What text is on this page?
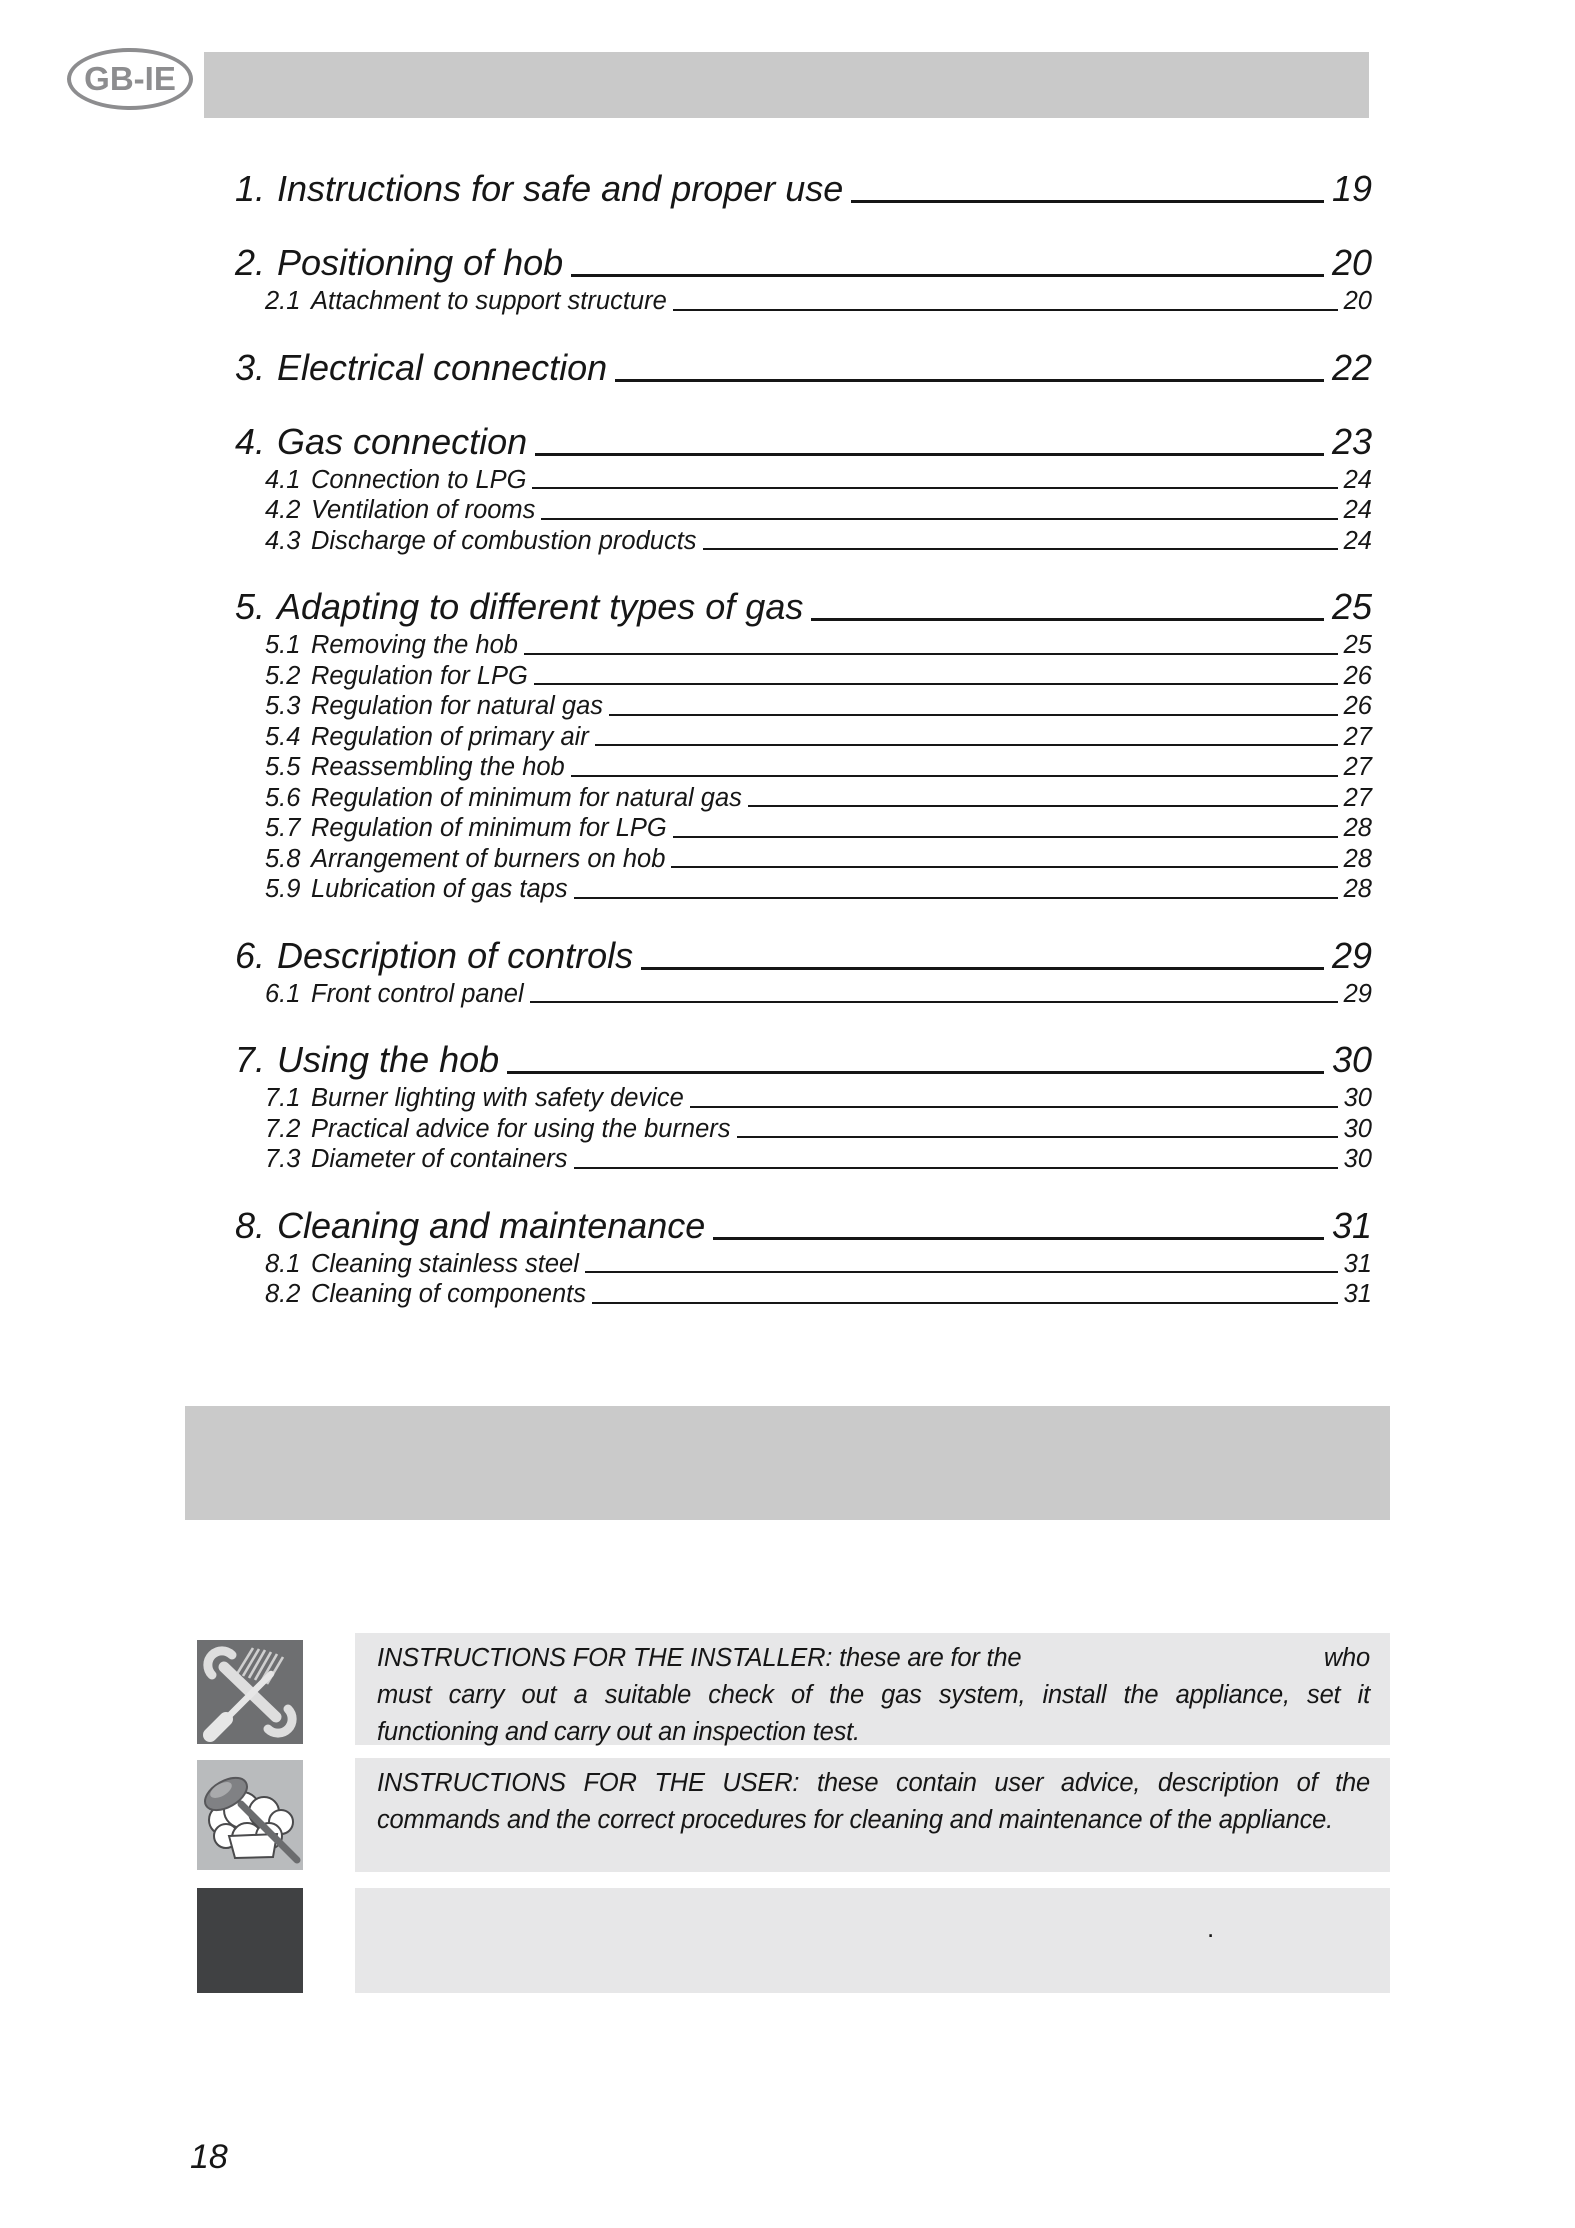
GB-IE
1. Instructions for safe and proper use	19
2. Positioning of hob	20
2.1 Attachment to support structure	20
3. Electrical connection	22
4. Gas connection	23
4.1 Connection to LPG	24
4.2 Ventilation of rooms	24
4.3 Discharge of combustion products	24
5. Adapting to different types of gas	25
5.1 Removing the hob	25
5.2 Regulation for LPG	26
5.3 Regulation for natural gas	26
5.4 Regulation of primary air	27
5.5 Reassembling the hob	27
5.6 Regulation of minimum for natural gas	27
5.7 Regulation of minimum for LPG	28
5.8 Arrangement of burners on hob	28
5.9 Lubrication of gas taps	28
6. Description of controls	29
6.1 Front control panel	29
7. Using the hob	30
7.1 Burner lighting with safety device	30
7.2 Practical advice for using the burners	30
7.3 Diameter of containers	30
8. Cleaning and maintenance	31
8.1 Cleaning stainless steel	31
8.2 Cleaning of components	31
INSTRUCTIONS FOR THE INSTALLER: these are for the	who
must carry out a suitable check of the gas system, install the appliance, set it
functioning and carry out an inspection test.
INSTRUCTIONS FOR THE USER: these contain user advice, description of the
commands and the correct procedures for cleaning and maintenance of the appliance.
.
18
